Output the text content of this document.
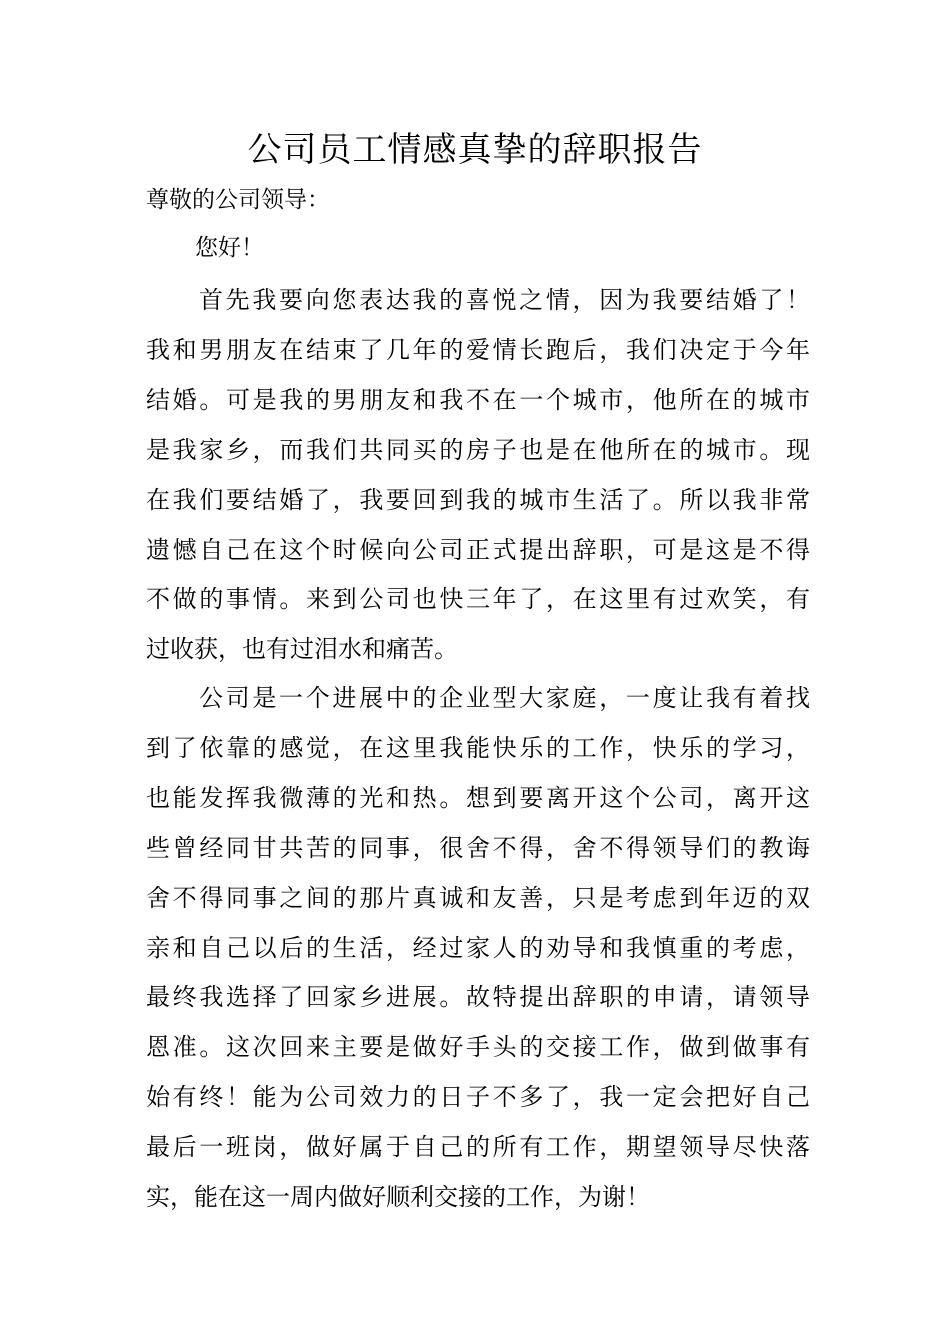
公司员工情感真挚的辞职报告

尊敬的公司领导：

您好！

首先我要向您表达我的喜悦之情，因为我要结婚了！
我和男朋友在结束了几年的爱情长跑后，我们决定于今年
结婚。可是我的男朋友和我不在一个城市，他所在的城市
是我家乡，而我们共同买的房子也是在他所在的城市。现
在我们要结婚了，我要回到我的城市生活了。所以我非常
遗憾自己在这个时候向公司正式提出辞职，可是这是不得
不做的事情。来到公司也快三年了，在这里有过欢笑，有
过收获，也有过泪水和痛苦。
公司是一个进展中的企业型大家庭，一度让我有着找
到了依靠的感觉，在这里我能快乐的工作，快乐的学习，
也能发挥我微薄的光和热。想到要离开这个公司，离开这
些曾经同甘共苦的同事，很舍不得，舍不得领导们的教诲
舍不得同事之间的那片真诚和友善，只是考虑到年迈的双
亲和自己以后的生活，经过家人的劝导和我慎重的考虑，
最终我选择了回家乡进展。故特提出辞职的申请，请领导
恩准。这次回来主要是做好手头的交接工作，做到做事有
始有终！能为公司效力的日子不多了，我一定会把好自己
最后一班岗，做好属于自己的所有工作，期望领导尽快落
实，能在这一周内做好顺利交接的工作，为谢！
